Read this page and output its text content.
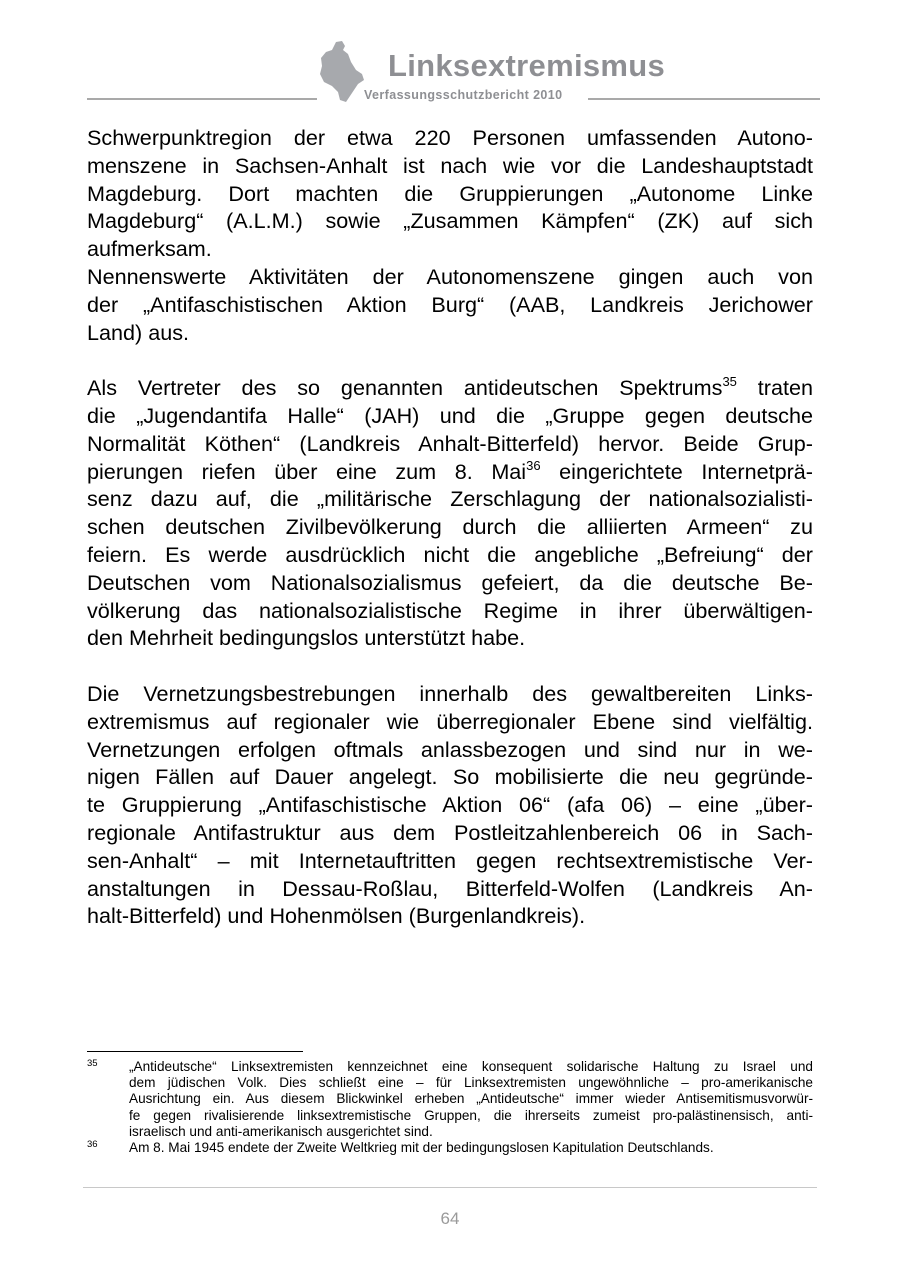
Linksextremismus
Verfassungsschutzbericht 2010
Schwerpunktregion der etwa 220 Personen umfassenden Autono-
menszene in Sachsen-Anhalt ist nach wie vor die Landeshauptstadt
Magdeburg. Dort machten die Gruppierungen „Autonome Linke
Magdeburg“ (A.L.M.) sowie „Zusammen Kämpfen“ (ZK) auf sich
aufmerksam.
Nennenswerte Aktivitäten der Autonomenszene gingen auch von
der „Antifaschistischen Aktion Burg“ (AAB, Landkreis Jerichower
Land) aus.
Als Vertreter des so genannten antideutschen Spektrums$^{35}$ traten
die „Jugendantifa Halle“ (JAH) und die „Gruppe gegen deutsche
Normalität Köthen“ (Landkreis Anhalt-Bitterfeld) hervor. Beide Grup-
pierungen riefen über eine zum 8. Mai$^{36}$ eingerichtete Internetprä-
senz dazu auf, die „militärische Zerschlagung der nationalsozialisti-
schen deutschen Zivilbevölkerung durch die alliierten Armeen“ zu
feiern. Es werde ausdrücklich nicht die angebliche „Befreiung“ der
Deutschen vom Nationalsozialismus gefeiert, da die deutsche Be-
völkerung das nationalsozialistische Regime in ihrer überwältigen-
den Mehrheit bedingungslos unterstützt habe.
Die Vernetzungsbestrebungen innerhalb des gewaltbereiten Links-
extremismus auf regionaler wie überregionaler Ebene sind vielfältig.
Vernetzungen erfolgen oftmals anlassbezogen und sind nur in we-
nigen Fällen auf Dauer angelegt. So mobilisierte die neu gegründe-
te Gruppierung „Antifaschistische Aktion 06“ (afa 06) – eine „über-
regionale Antifastruktur aus dem Postleitzahlenbereich 06 in Sach-
sen-Anhalt“ – mit Internetauftritten gegen rechtsextremistische Ver-
anstaltungen in Dessau-Roßlau, Bitterfeld-Wolfen (Landkreis An-
halt-Bitterfeld) und Hohenmölsen (Burgenlandkreis).
35 „Antideutsche“ Linksextremisten kennzeichnet eine konsequent solidarische Haltung zu Israel und
dem jüdischen Volk. Dies schließt eine – für Linksextremisten ungewöhnliche – pro-amerikanische
Ausrichtung ein. Aus diesem Blickwinkel erheben „Antideutsche“ immer wieder Antisemitismusvorwür-
fe gegen rivalisierende linksextremistische Gruppen, die ihrerseits zumeist pro-palästinensisch, anti-
israelisch und anti-amerikanisch ausgerichtet sind.
36 Am 8. Mai 1945 endete der Zweite Weltkrieg mit der bedingungslosen Kapitulation Deutschlands.
64
